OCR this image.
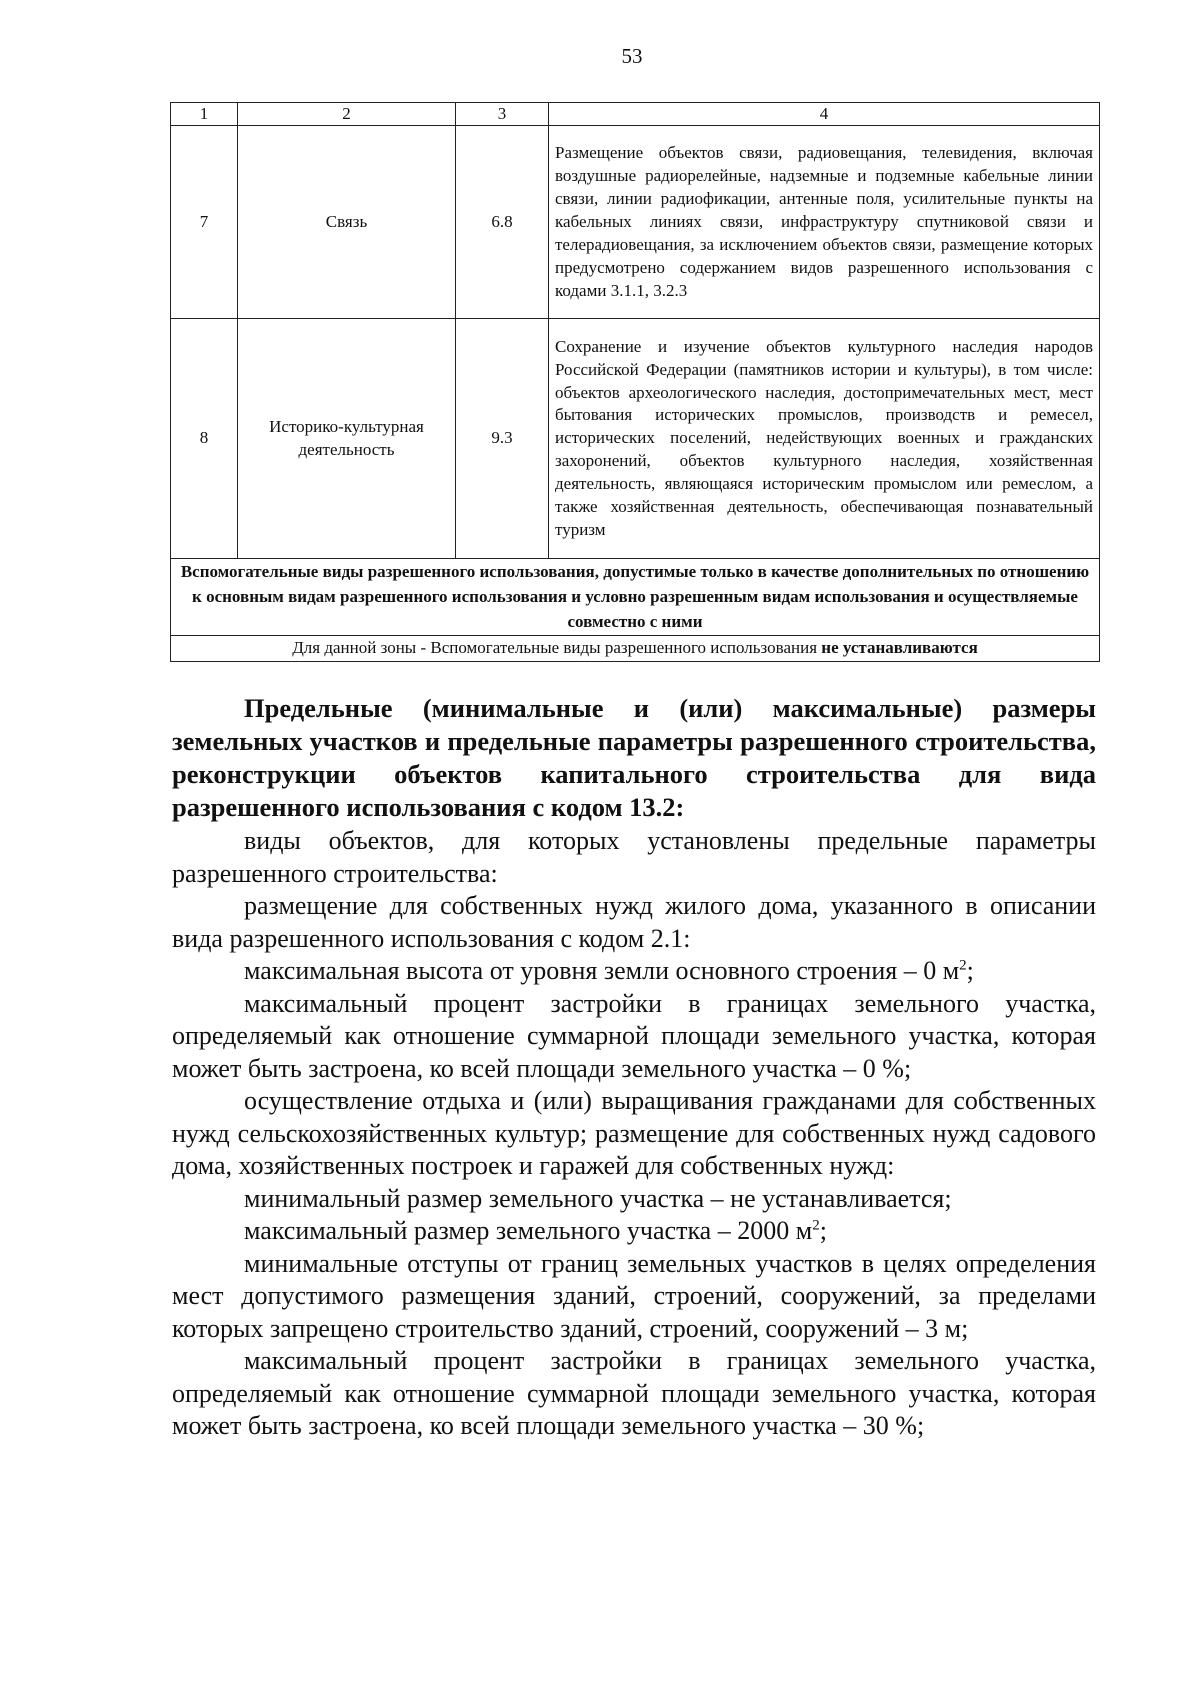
53
1	2	3	4
7	Связь	6.8	Размещение объектов связи, радиовещания, телевидения, включая воздушные радиорелейные, надземные и подземные кабельные линии связи, линии радиофикации, антенные поля, усилительные пункты на кабельных линиях связи, инфраструктуру спутниковой связи и телерадиовещания, за исключением объектов связи, размещение которых предусмотрено содержанием видов разрешенного использования с кодами 3.1.1, 3.2.3
8	Историко-культурная деятельность	9.3	Сохранение и изучение объектов культурного наследия народов Российской Федерации (памятников истории и культуры), в том числе: объектов археологического наследия, достопримечательных мест, мест бытования исторических промыслов, производств и ремесел, исторических поселений, недействующих военных и гражданских захоронений, объектов культурного наследия, хозяйственная деятельность, являющаяся историческим промыслом или ремеслом, а также хозяйственная деятельность, обеспечивающая познавательный туризм
Вспомогательные виды разрешенного использования, допустимые только в качестве дополнительных по отношению к основным видам разрешенного использования и условно разрешенным видам использования и осуществляемые совместно с ними			
Для данной зоны - Вспомогательные виды разрешенного использования не устанавливаются			

Предельные (минимальные и (или) максимальные) размеры земельных участков и предельные параметры разрешенного строительства, реконструкции объектов капитального строительства для вида разрешенного использования с кодом 13.2:

виды объектов, для которых установлены предельные параметры разрешенного строительства:

размещение для собственных нужд жилого дома, указанного в описании вида разрешенного использования с кодом 2.1:

максимальная высота от уровня земли основного строения – 0 $м^2$;

максимальный процент застройки в границах земельного участка, определяемый как отношение суммарной площади земельного участка, которая может быть застроена, ко всей площади земельного участка – 0 %;

осуществление отдыха и (или) выращивания гражданами для собственных нужд сельскохозяйственных культур; размещение для собственных нужд садового дома, хозяйственных построек и гаражей для собственных нужд:

минимальный размер земельного участка – не устанавливается;

максимальный размер земельного участка – 2000 $м^2$;

минимальные отступы от границ земельных участков в целях определения мест допустимого размещения зданий, строений, сооружений, за пределами которых запрещено строительство зданий, строений, сооружений – 3 м;

максимальный процент застройки в границах земельного участка, определяемый как отношение суммарной площади земельного участка, которая может быть застроена, ко всей площади земельного участка – 30 %;
